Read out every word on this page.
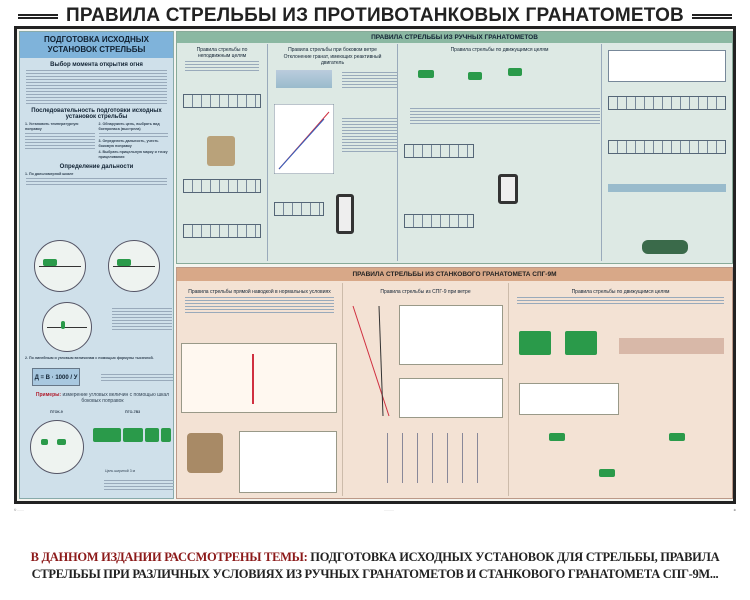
ПРАВИЛА СТРЕЛЬБЫ ИЗ ПРОТИВОТАНКОВЫХ ГРАНАТОМЕТОВ
ПОДГОТОВКА ИСХОДНЫХ УСТАНОВОК СТРЕЛЬБЫ
Выбор момента открытия огня
Последовательность подготовки исходных установок стрельбы
1. Установить температурную поправку
2. Обнаружить цель, выбрать вид боеприпаса (выстрела)
3. Определить дальность, учесть боковую поправку
4. Выбрать прицельную марку и точку прицеливания
Определение дальности
1. По дальномерной шкале
2. По линейным и угловым величинам с помощью формулы тысячной.
Д = В · 1000 / У
Примеры: измерение угловых величин с помощью шкал боковых поправок
ПГОК-9	ПГО-7В3
Цель шириной 3 м
ПРАВИЛА СТРЕЛЬБЫ ИЗ РУЧНЫХ ГРАНАТОМЕТОВ
Правила стрельбы по неподвижным целям
Правила стрельбы при боковом ветре
Отклонение гранат, имеющих реактивный двигатель
Правила стрельбы по движущимся целям
ПРАВИЛА СТРЕЛЬБЫ ИЗ СТАНКОВОГО ГРАНАТОМЕТА СПГ-9М
Правила стрельбы прямой наводкой в нормальных условиях	Правила стрельбы из СПГ-9 при ветре	Правила стрельбы по движущимся целям
© ·······	··········	✲
В ДАННОМ ИЗДАНИИ РАССМОТРЕНЫ ТЕМЫ: ПОДГОТОВКА ИСХОДНЫХ УСТАНОВОК ДЛЯ СТРЕЛЬБЫ, ПРАВИЛА СТРЕЛЬБЫ ПРИ РАЗЛИЧНЫХ УСЛОВИЯХ ИЗ РУЧНЫХ ГРАНАТОМЕТОВ И СТАНКОВОГО ГРАНАТОМЕТА СПГ-9М...
